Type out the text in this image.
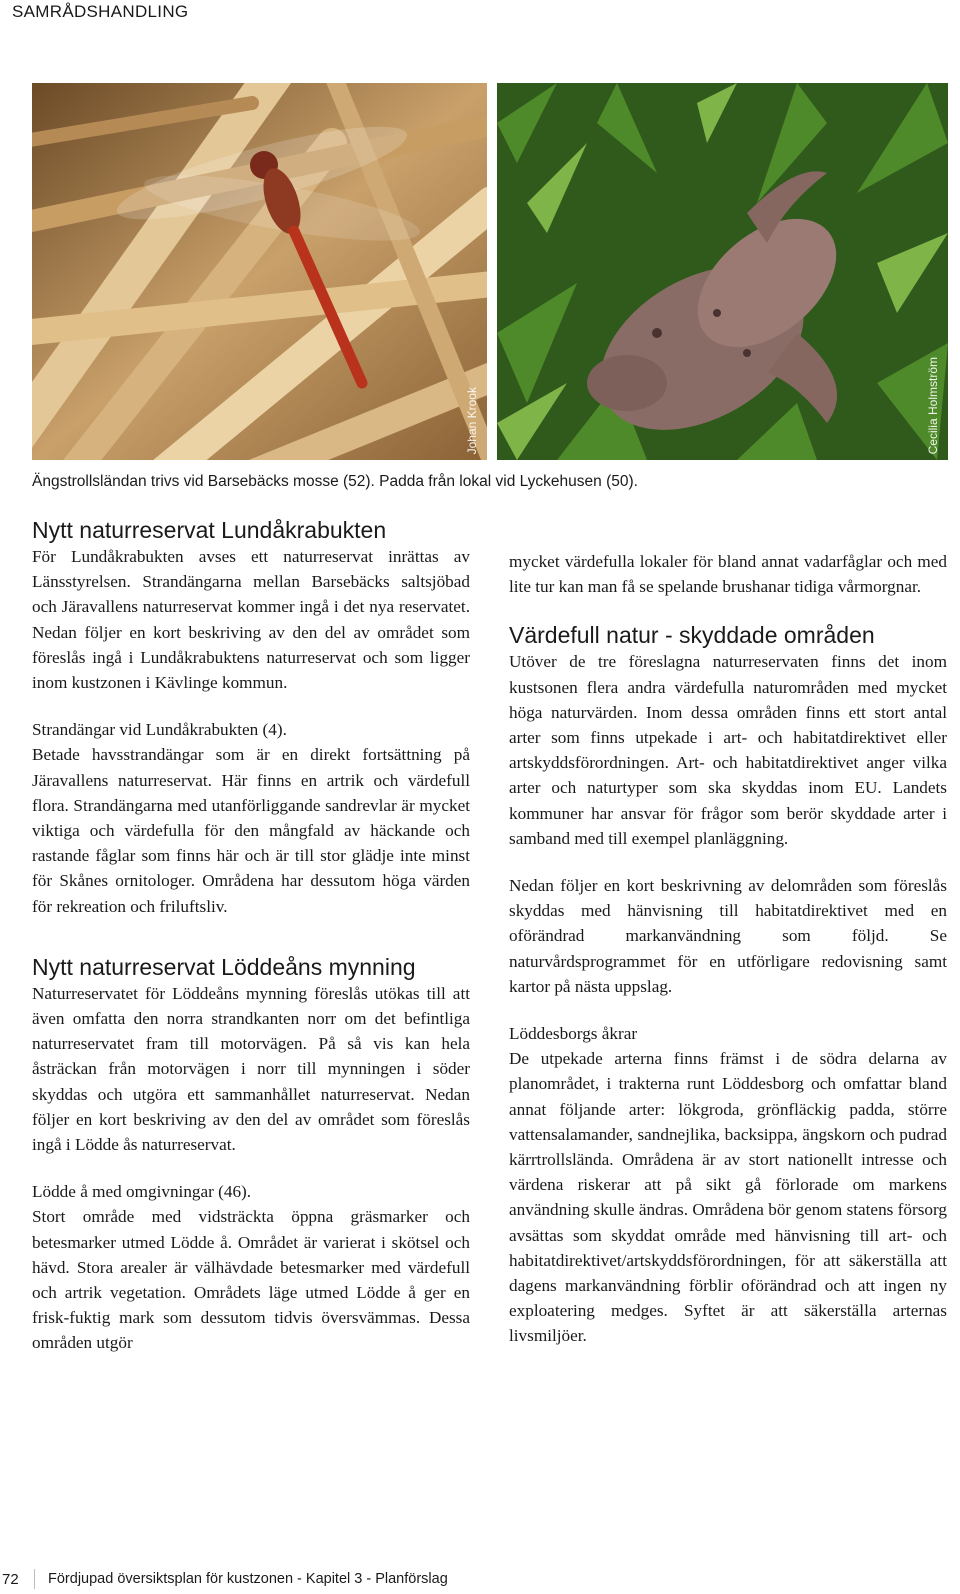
SAMRÅDSHANDLING
Johan Krook	Cecilia Holmström
Ängstrollsländan trivs vid Barsebäcks mosse (52). Padda från lokal vid Lyckehusen (50).
Nytt naturreservat Lundåkrabukten

För Lundåkrabukten avses ett naturreservat inrättas av Länsstyrelsen. Strandängarna mellan Barsebäcks saltsjöbad och Järavallens naturreservat kommer ingå i det nya reservatet. Nedan följer en kort beskriving av den del av området som föreslås ingå i Lundåkrabuktens naturreservat och som ligger inom kustzonen i Kävlinge kommun.

Strandängar vid Lundåkrabukten (4).

Betade havsstrandängar som är en direkt fortsättning på Järavallens naturreservat. Här finns en artrik och värdefull flora. Strandängarna med utanförliggande sandrevlar är mycket viktiga och värdefulla för den mångfald av häckande och rastande fåglar som finns här och är till stor glädje inte minst för Skånes ornitologer. Områdena har dessutom höga värden för rekreation och friluftsliv.

Nytt naturreservat Löddeåns mynning

Naturreservatet för Löddeåns mynning föreslås utökas till att även omfatta den norra strandkanten norr om det befintliga naturreservatet fram till motorvägen. På så vis kan hela åsträckan från motorvägen i norr till mynningen i söder skyddas och utgöra ett sammanhållet naturreservat. Nedan följer en kort beskriving av den del av området som föreslås ingå i Lödde ås naturreservat.

Lödde å med omgivningar (46).

Stort område med vidsträckta öppna gräsmarker och betesmarker utmed Lödde å. Området är varierat i skötsel och hävd. Stora arealer är välhävdade betesmarker med värdefull och artrik vegetation. Områdets läge utmed Lödde å ger en frisk-fuktig mark som dessutom tidvis översvämmas. Dessa områden utgör

mycket värdefulla lokaler för bland annat vadarfåglar och med lite tur kan man få se spelande brushanar tidiga vårmorgnar.

Värdefull natur - skyddade områden

Utöver de tre föreslagna naturreservaten finns det inom kustsonen flera andra värdefulla naturområden med mycket höga naturvärden. Inom dessa områden finns ett stort antal arter som finns utpekade i art- och habitatdirektivet eller artskyddsförordningen. Art- och habitatdirektivet anger vilka arter och naturtyper som ska skyddas inom EU. Landets kommuner har ansvar för frågor som berör skyddade arter i samband med till exempel planläggning.

Nedan följer en kort beskrivning av delområden som föreslås skyddas med hänvisning till habitatdirektivet med en oförändrad markanvändning som följd. Se naturvårdsprogrammet för en utförligare redovisning samt kartor på nästa uppslag.

Löddesborgs åkrar

De utpekade arterna finns främst i de södra delarna av planområdet, i trakterna runt Löddesborg och omfattar bland annat följande arter: lökgroda, grönfläckig padda, större vattensalamander, sandnejlika, backsippa, ängskorn och pudrad kärrtrollslända. Områdena är av stort nationellt intresse och värdena riskerar att på sikt gå förlorade om markens användning skulle ändras. Områdena bör genom statens försorg avsättas som skyddat område med hänvisning till art- och habitatdirektivet/artskyddsförordningen, för att säkerställa att dagens markanvändning förblir oförändrad och att ingen ny exploatering medges. Syftet är att säkerställa arternas livsmiljöer.

72	Fördjupad översiktsplan för kustzonen - Kapitel 3 - Planförslag
